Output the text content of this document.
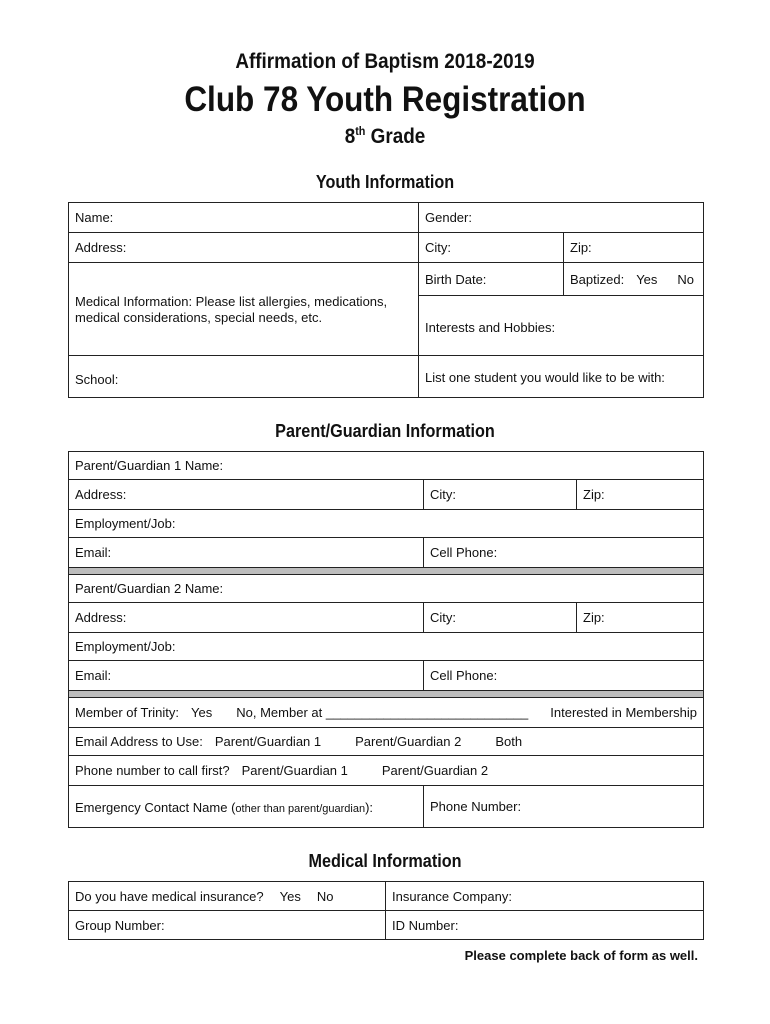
Affirmation of Baptism 2018-2019
Club 78 Youth Registration
8th Grade
Youth Information
Name:	Gender:	
Address:	City:	Zip:
Medical Information: Please list allergies, medications, medical considerations, special needs, etc.	Birth Date:	Baptized: Yes No
	Interests and Hobbies:	
School:	List one student you would like to be with:	
Parent/Guardian Information
Parent/Guardian 1 Name:		
Address:	City:	Zip:
Employment/Job:		
Email:	Cell Phone:	

Parent/Guardian 2 Name:		
Address:	City:	Zip:
Employment/Job:		
Email:	Cell Phone:	

Member of Trinity: Yes No, Member at ____________________________ Interested in Membership		
Email Address to Use: Parent/Guardian 1 Parent/Guardian 2 Both		
Phone number to call first? Parent/Guardian 1 Parent/Guardian 2		
Emergency Contact Name (other than parent/guardian):	Phone Number:	
Medical Information
Do you have medical insurance? Yes No	Insurance Company:
Group Number:	ID Number:
Please complete back of form as well.
